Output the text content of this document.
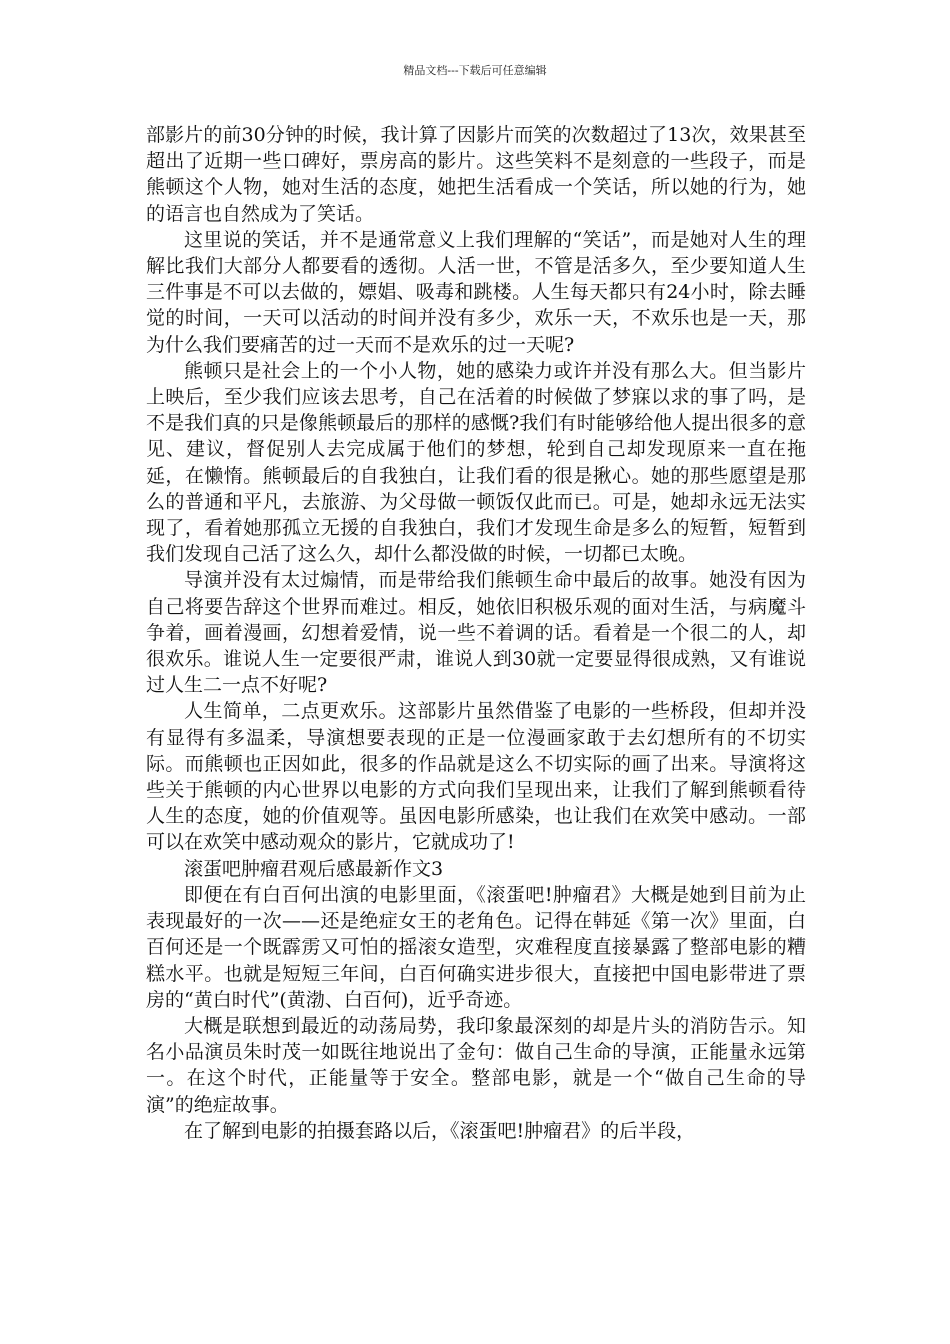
精品文档---下载后可任意编辑

部影片的前30分钟的时候，我计算了因影片而笑的次数超过了13次，效果甚至超出了近期一些口碑好，票房高的影片。这些笑料不是刻意的一些段子，而是熊顿这个人物，她对生活的态度，她把生活看成一个笑话，所以她的行为，她的语言也自然成为了笑话。

这里说的笑话，并不是通常意义上我们理解的“笑话”，而是她对人生的理解比我们大部分人都要看的透彻。人活一世，不管是活多久，至少要知道人生三件事是不可以去做的，嫖娼、吸毒和跳楼。人生每天都只有24小时，除去睡觉的时间，一天可以活动的时间并没有多少，欢乐一天，不欢乐也是一天，那为什么我们要痛苦的过一天而不是欢乐的过一天呢?

熊顿只是社会上的一个小人物，她的感染力或许并没有那么大。但当影片上映后，至少我们应该去思考，自己在活着的时候做了梦寐以求的事了吗，是不是我们真的只是像熊顿最后的那样的感慨?我们有时能够给他人提出很多的意见、建议，督促别人去完成属于他们的梦想，轮到自己却发现原来一直在拖延，在懒惰。熊顿最后的自我独白，让我们看的很是揪心。她的那些愿望是那么的普通和平凡，去旅游、为父母做一顿饭仅此而已。可是，她却永远无法实现了，看着她那孤立无援的自我独白，我们才发现生命是多么的短暂，短暂到我们发现自己活了这么久，却什么都没做的时候，一切都已太晚。

导演并没有太过煽情，而是带给我们熊顿生命中最后的故事。她没有因为自己将要告辞这个世界而难过。相反，她依旧积极乐观的面对生活，与病魔斗争着，画着漫画，幻想着爱情，说一些不着调的话。看着是一个很二的人，却很欢乐。谁说人生一定要很严肃，谁说人到30就一定要显得很成熟，又有谁说过人生二一点不好呢?

人生简单，二点更欢乐。这部影片虽然借鉴了电影的一些桥段，但却并没有显得有多温柔，导演想要表现的正是一位漫画家敢于去幻想所有的不切实际。而熊顿也正因如此，很多的作品就是这么不切实际的画了出来。导演将这些关于熊顿的内心世界以电影的方式向我们呈现出来，让我们了解到熊顿看待人生的态度，她的价值观等。虽因电影所感染，也让我们在欢笑中感动。一部可以在欢笑中感动观众的影片，它就成功了!

滚蛋吧肿瘤君观后感最新作文3

即便在有白百何出演的电影里面，《滚蛋吧!肿瘤君》大概是她到目前为止表现最好的一次——还是绝症女王的老角色。记得在韩延《第一次》里面，白百何还是一个既霹雳又可怕的摇滚女造型，灾难程度直接暴露了整部电影的糟糕水平。也就是短短三年间，白百何确实进步很大，直接把中国电影带进了票房的“黄白时代”(黄渤、白百何)，近乎奇迹。

大概是联想到最近的动荡局势，我印象最深刻的却是片头的消防告示。知名小品演员朱时茂一如既往地说出了金句：做自己生命的导演，正能量永远第一。在这个时代，正能量等于安全。整部电影，就是一个“做自己生命的导演”的绝症故事。

在了解到电影的拍摄套路以后，《滚蛋吧!肿瘤君》的后半段，
